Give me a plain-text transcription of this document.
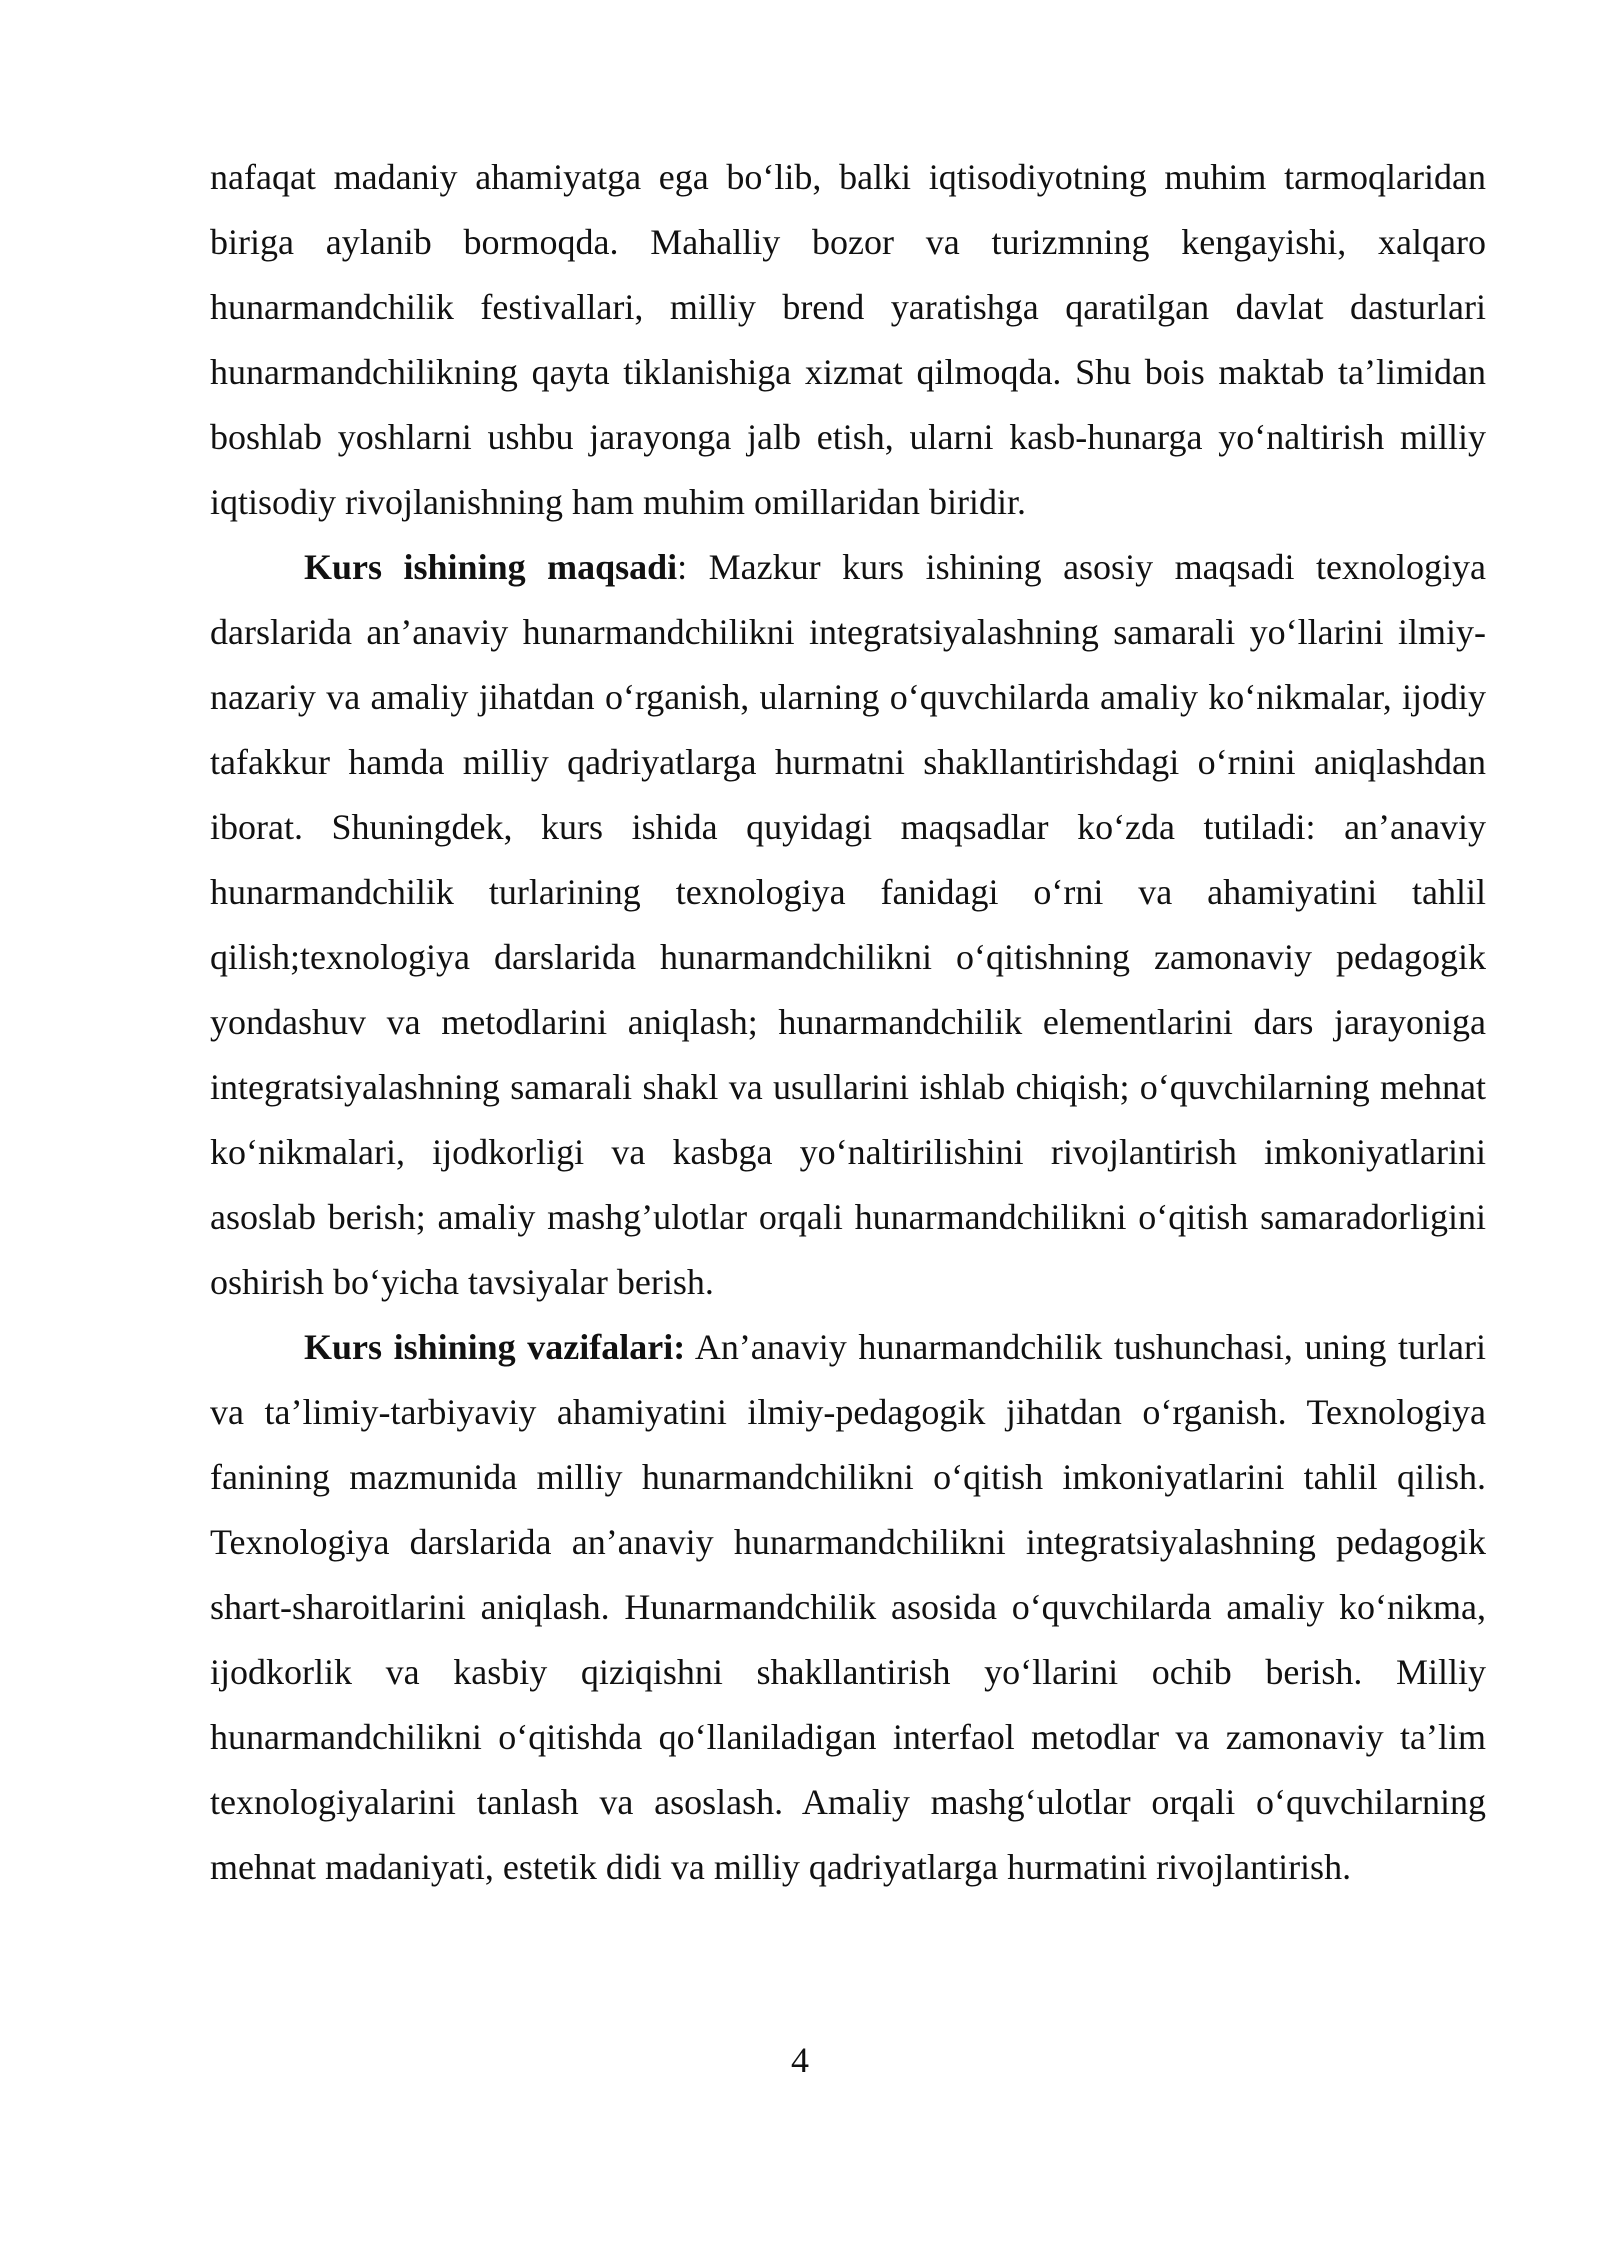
nafaqat madaniy ahamiyatga ega bo‘lib, balki iqtisodiyotning muhim tarmoqlaridan biriga aylanib bormoqda. Mahalliy bozor va turizmning kengayishi, xalqaro hunarmandchilik festivallari, milliy brend yaratishga qaratilgan davlat dasturlari hunarmandchilikning qayta tiklanishiga xizmat qilmoqda. Shu bois maktab ta’limidan boshlab yoshlarni ushbu jarayonga jalb etish, ularni kasb-hunarga yo‘naltirish milliy iqtisodiy rivojlanishning ham muhim omillaridan biridir.

Kurs ishining maqsadi: Mazkur kurs ishining asosiy maqsadi texnologiya darslarida an’anaviy hunarmandchilikni integratsiyalashning samarali yo‘llarini ilmiy-nazariy va amaliy jihatdan o‘rganish, ularning o‘quvchilarda amaliy ko‘nikmalar, ijodiy tafakkur hamda milliy qadriyatlarga hurmatni shakllantirishdagi o‘rnini aniqlashdan iborat. Shuningdek, kurs ishida quyidagi maqsadlar ko‘zda tutiladi: an’anaviy hunarmandchilik turlarining texnologiya fanidagi o‘rni va ahamiyatini tahlil qilish;texnologiya darslarida hunarmandchilikni o‘qitishning zamonaviy pedagogik yondashuv va metodlarini aniqlash; hunarmandchilik elementlarini dars jarayoniga integratsiyalashning samarali shakl va usullarini ishlab chiqish; o‘quvchilarning mehnat ko‘nikmalari, ijodkorligi va kasbga yo‘naltirilishini rivojlantirish imkoniyatlarini asoslab berish; amaliy mashg’ulotlar orqali hunarmandchilikni o‘qitish samaradorligini oshirish bo‘yicha tavsiyalar berish.

Kurs ishining vazifalari: An’anaviy hunarmandchilik tushunchasi, uning turlari va ta’limiy-tarbiyaviy ahamiyatini ilmiy-pedagogik jihatdan o‘rganish. Texnologiya fanining mazmunida milliy hunarmandchilikni o‘qitish imkoniyatlarini tahlil qilish. Texnologiya darslarida an’anaviy hunarmandchilikni integratsiyalashning pedagogik shart-sharoitlarini aniqlash. Hunarmandchilik asosida o‘quvchilarda amaliy ko‘nikma, ijodkorlik va kasbiy qiziqishni shakllantirish yo‘llarini ochib berish. Milliy hunarmandchilikni o‘qitishda qo‘llaniladigan interfaol metodlar va zamonaviy ta’lim texnologiyalarini tanlash va asoslash. Amaliy mashg‘ulotlar orqali o‘quvchilarning mehnat madaniyati, estetik didi va milliy qadriyatlarga hurmatini rivojlantirish.

4
